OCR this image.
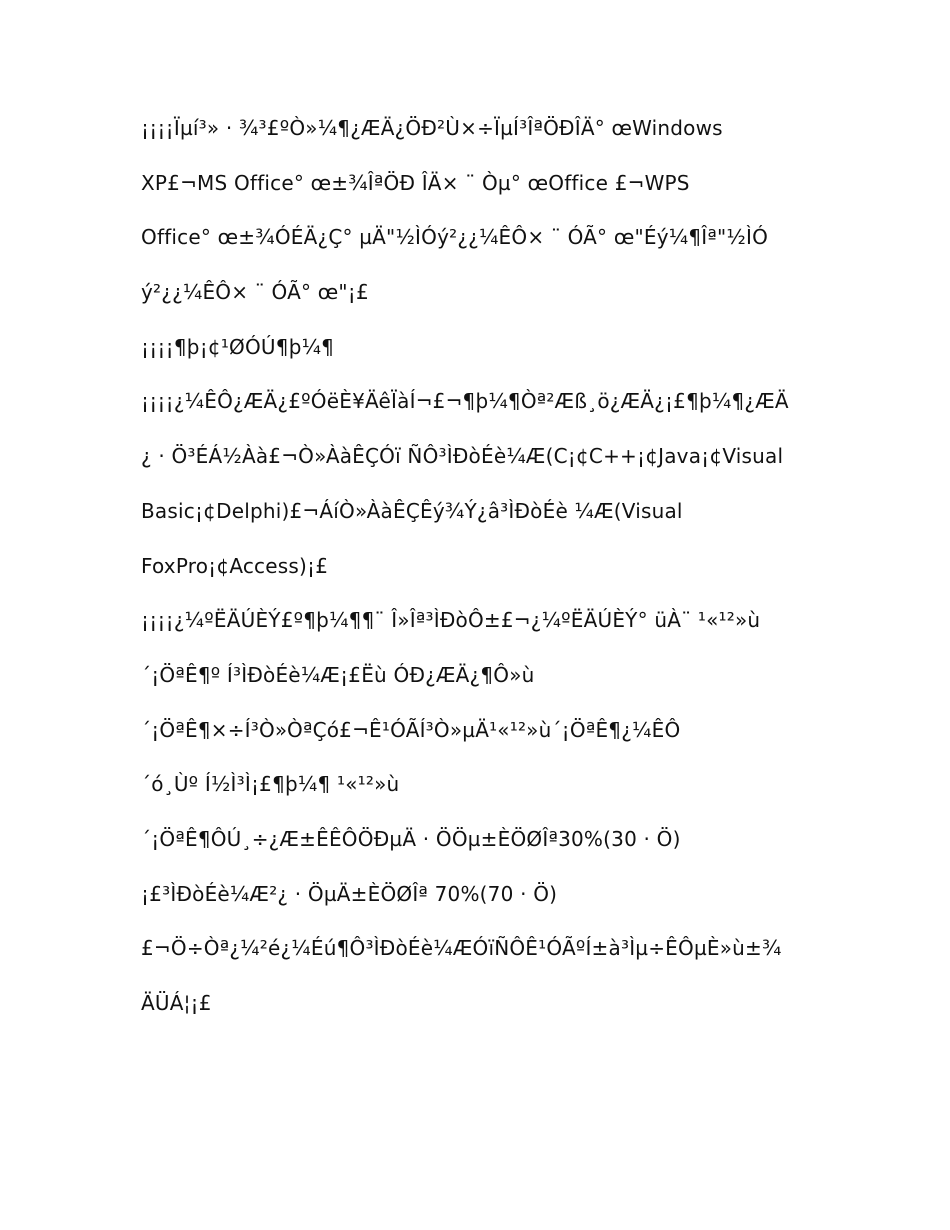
¡¡¡¡Ïµí³» · ¾³£ºÒ»¼¶¿ÆÄ¿ÖÐ²Ù×÷ÏµÍ³ÎªÖÐÎÄ° œWindows
XP£¬MS Office° œ±¾ÎªÖÐ ÎÄ× ¨ Òµ° œOffice £¬WPS
Office° œ±¾ÓÉÄ¿Ç° µÄ"½ÌÓý²¿¿¼ÊÔ× ¨ ÓÃ° œ"Éý¼¶Îª"½ÌÓ
ý²¿¿¼ÊÔ× ¨ ÓÃ° œ"¡£
¡¡¡¡¶þ¡¢¹ØÓÚ¶þ¼¶
¡¡¡¡¿¼ÊÔ¿ÆÄ¿£ºÓëÈ¥ÄêÏàÍ¬£¬¶þ¼¶Òª²Æß¸ö¿ÆÄ¿¡£¶þ¼¶¿ÆÄ
¿ · Ö³ÉÁ½Àà£¬Ò»ÀàÊÇÓï ÑÔ³ÌÐòÉè¼Æ(C¡¢C++¡¢Java¡¢Visual
Basic¡¢Delphi)£¬ÁíÒ»ÀàÊÇÊý¾Ý¿â³ÌÐòÉè ¼Æ(Visual
FoxPro¡¢Access)¡£
¡¡¡¡¿¼ºËÄÚÈÝ£º¶þ¼¶¶¨ Î»Îª³ÌÐòÔ±£¬¿¼ºËÄÚÈÝ° üÀ¨ ¹«¹²»ù
´¡ÖªÊ¶º Í³ÌÐòÉè¼Æ¡£Ëù ÓÐ¿ÆÄ¿¶Ô»ù
´¡ÖªÊ¶×÷Í³Ò»ÒªÇó£¬Ê¹ÓÃÍ³Ò»µÄ¹«¹²»ù´¡ÖªÊ¶¿¼ÊÔ
´ó¸Ùº Í½Ì³Ì¡£¶þ¼¶ ¹«¹²»ù
´¡ÖªÊ¶ÔÚ¸÷¿Æ±ÊÊÔÖÐµÄ · ÖÖµ±ÈÖØÎª30%(30 · Ö)
¡£³ÌÐòÉè¼Æ²¿ · ÖµÄ±ÈÖØÎª 70%(70 · Ö)
£¬Ö÷Òª¿¼²é¿¼Éú¶Ô³ÌÐòÉè¼ÆÓïÑÔÊ¹ÓÃºÍ±à³Ìµ÷ÊÔµÈ»ù±¾
ÄÜÁ¦¡£
